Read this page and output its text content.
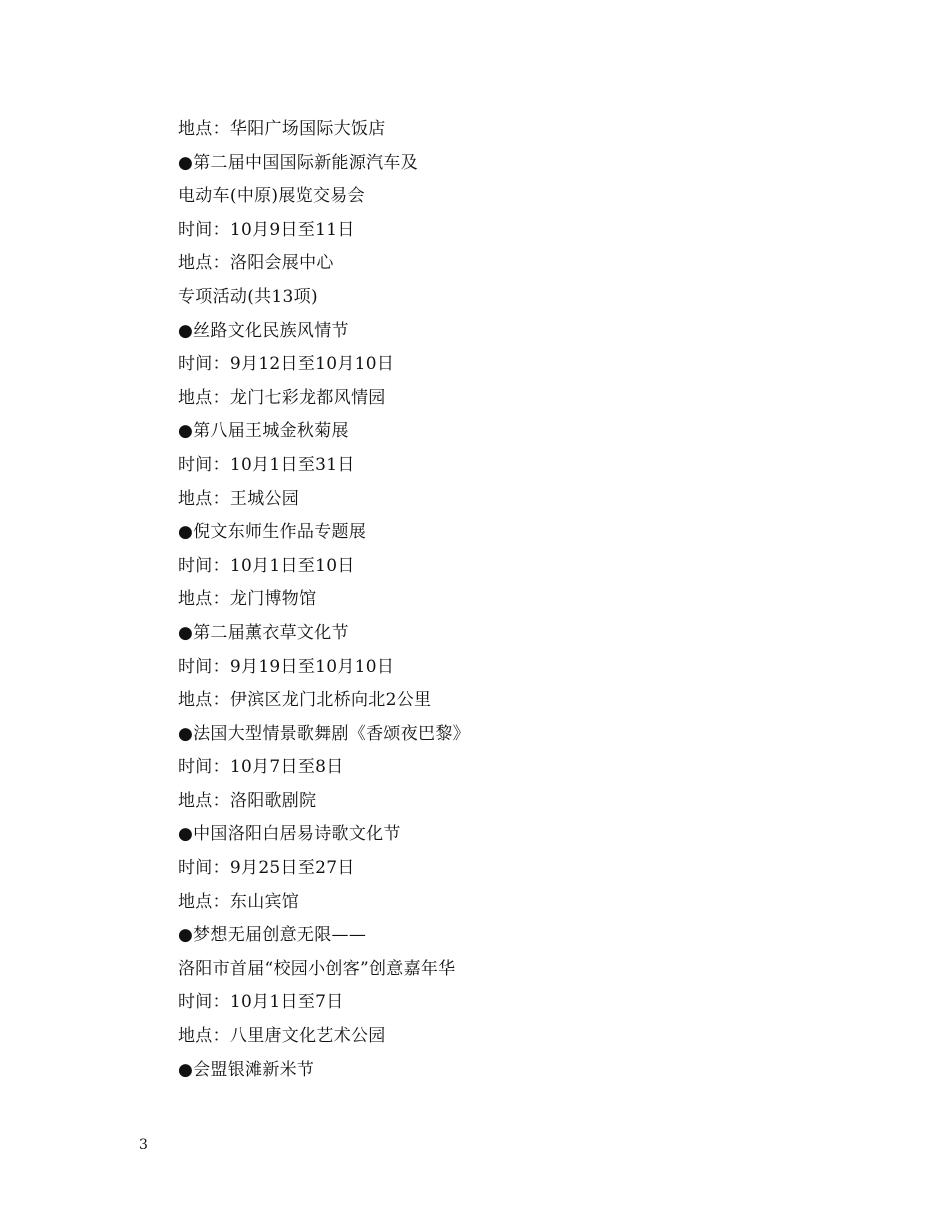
地点：华阳广场国际大饭店
●第二届中国国际新能源汽车及
电动车(中原)展览交易会
时间：10月9日至11日
地点：洛阳会展中心
专项活动(共13项)
●丝路文化民族风情节
时间：9月12日至10月10日
地点：龙门七彩龙都风情园
●第八届王城金秋菊展
时间：10月1日至31日
地点：王城公园
●倪文东师生作品专题展
时间：10月1日至10日
地点：龙门博物馆
●第二届薰衣草文化节
时间：9月19日至10月10日
地点：伊滨区龙门北桥向北2公里
●法国大型情景歌舞剧《香颂夜巴黎》
时间：10月7日至8日
地点：洛阳歌剧院
●中国洛阳白居易诗歌文化节
时间：9月25日至27日
地点：东山宾馆
●梦想无届创意无限——
洛阳市首届“校园小创客”创意嘉年华
时间：10月1日至7日
地点：八里唐文化艺术公园
●会盟银滩新米节
3
